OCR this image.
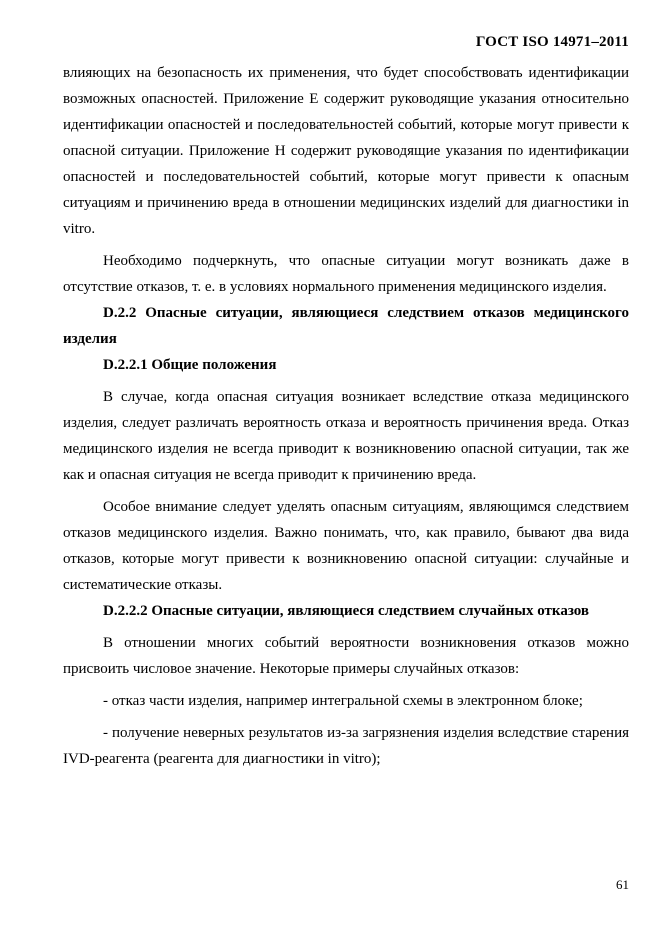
ГОСТ ISO 14971–2011

влияющих на безопасность их применения, что будет способствовать идентификации возможных опасностей. Приложение Е содержит руководящие указания относительно идентификации опасностей и последовательностей событий, которые могут привести к опасной ситуации. Приложение Н содержит руководящие указания по идентификации опасностей и последовательностей событий, которые могут привести к опасным ситуациям и причинению вреда в отношении медицинских изделий для диагностики in vitro.

Необходимо подчеркнуть, что опасные ситуации могут возникать даже в отсутствие отказов, т. е. в условиях нормального применения медицинского изделия.

D.2.2 Опасные ситуации, являющиеся следствием отказов медицинского изделия

D.2.2.1 Общие положения

В случае, когда опасная ситуация возникает вследствие отказа медицинского изделия, следует различать вероятность отказа и вероятность причинения вреда. Отказ медицинского изделия не всегда приводит к возникновению опасной ситуации, так же как и опасная ситуация не всегда приводит к причинению вреда.

Особое внимание следует уделять опасным ситуациям, являющимся следствием отказов медицинского изделия. Важно понимать, что, как правило, бывают два вида отказов, которые могут привести к возникновению опасной ситуации: случайные и систематические отказы.

D.2.2.2 Опасные ситуации, являющиеся следствием случайных отказов

В отношении многих событий вероятности возникновения отказов можно присвоить числовое значение. Некоторые примеры случайных отказов:

- отказ части изделия, например интегральной схемы в электронном блоке;

- получение неверных результатов из-за загрязнения изделия вследствие старения IVD-реагента (реагента для диагностики in vitro);

61
